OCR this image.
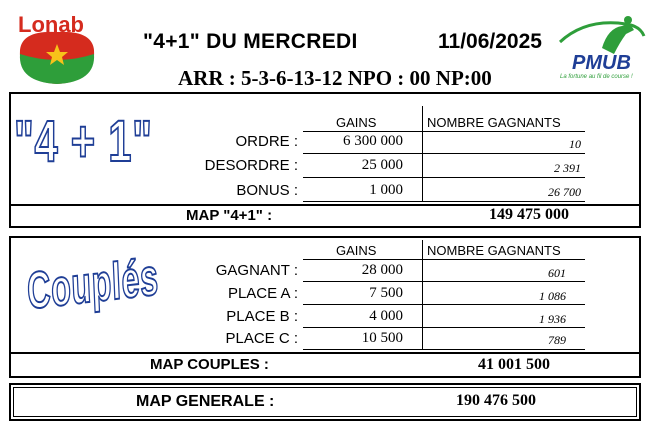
Lonab
"4+1" DU MERCREDI	11/06/2025
ARR : 5-3-6-13-12 NPO : 00 NP:00
PMUB
La fortune au fil de course !
"4 + 1"	GAINS	NOMBRE GAGNANTS
ORDRE :	6 300 000	10
DESORDRE :	25 000	2 391
BONUS :	1 000	26 700
MAP "4+1" :	149 475 000
Couplés	GAINS	NOMBRE GAGNANTS
GAGNANT :	28 000	601
PLACE A :	7 500	1 086
PLACE B :	4 000	1 936
PLACE C :	10 500	789
MAP COUPLES :	41 001 500
MAP GENERALE :	190 476 500
